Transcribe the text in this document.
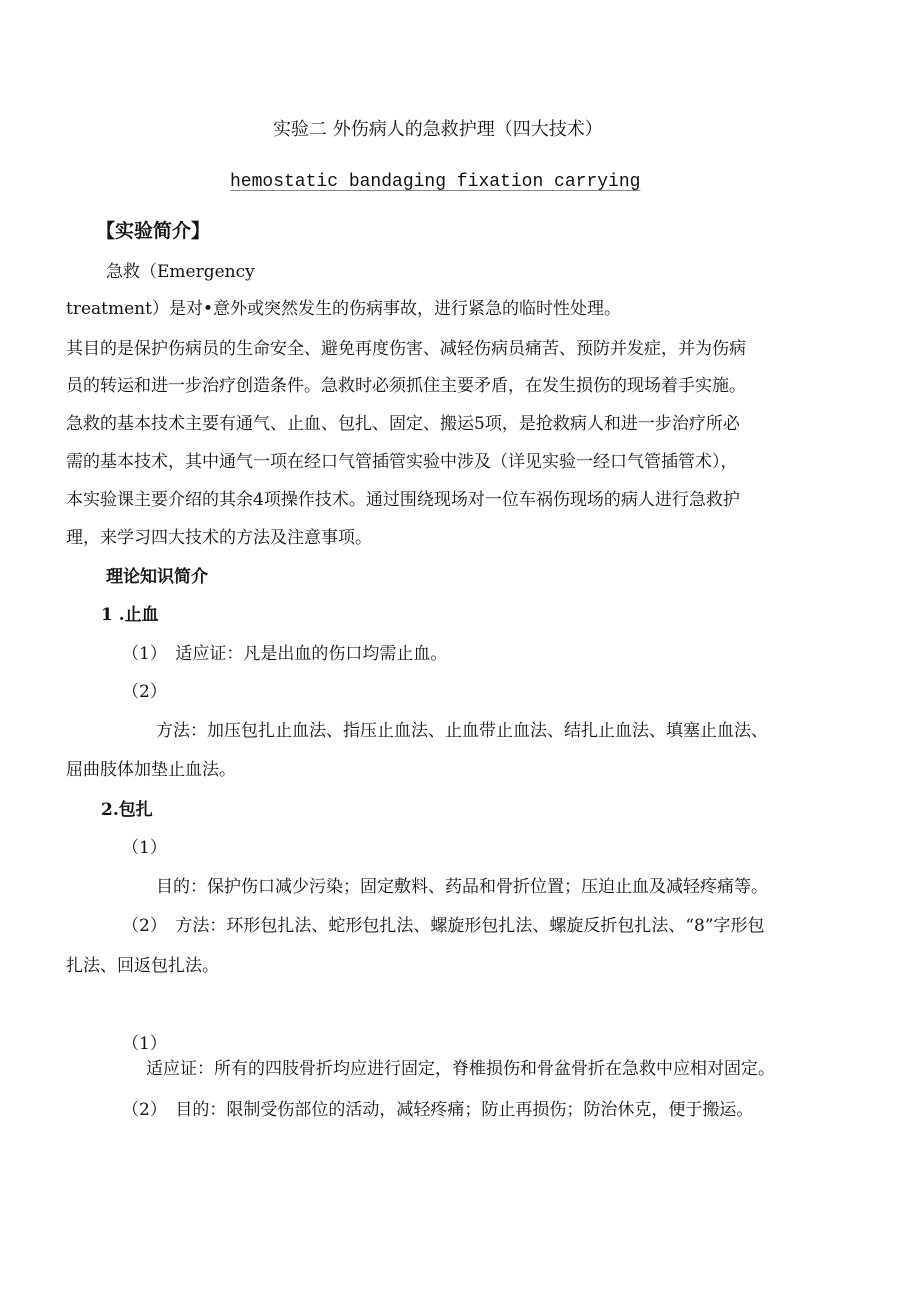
实验二 外伤病人的急救护理（四大技术）
hemostatic bandaging fixation carrying
【实验简介】
急救（Emergency
treatment）是对•意外或突然发生的伤病事故，进行紧急的临时性处理。
其目的是保护伤病员的生命安全、避免再度伤害、减轻伤病员痛苦、预防并发症，并为伤病
员的转运和进一步治疗创造条件。急救时必须抓住主要矛盾，在发生损伤的现场着手实施。
急救的基本技术主要有通气、止血、包扎、固定、搬运5项，是抢救病人和进一步治疗所必
需的基本技术，其中通气一项在经口气管插管实验中涉及（详见实验一经口气管插管术），
本实验课主要介绍的其余4项操作技术。通过围绕现场对一位车祸伤现场的病人进行急救护
理，来学习四大技术的方法及注意事项。
理论知识简介
1 .止血
（1）　适应证：凡是出血的伤口均需止血。
（2）
方法：加压包扎止血法、指压止血法、止血带止血法、结扎止血法、填塞止血法、
屈曲肢体加垫止血法。
2.包扎
（1）
目的：保护伤口减少污染；固定敷料、药品和骨折位置；压迫止血及减轻疼痛等。
（2）　方法：环形包扎法、蛇形包扎法、螺旋形包扎法、螺旋反折包扎法、“8”字形包
扎法、回返包扎法。
（1）
适应证：所有的四肢骨折均应进行固定，脊椎损伤和骨盆骨折在急救中应相对固定。
（2）　目的：限制受伤部位的活动，减轻疼痛；防止再损伤；防治休克，便于搬运。
